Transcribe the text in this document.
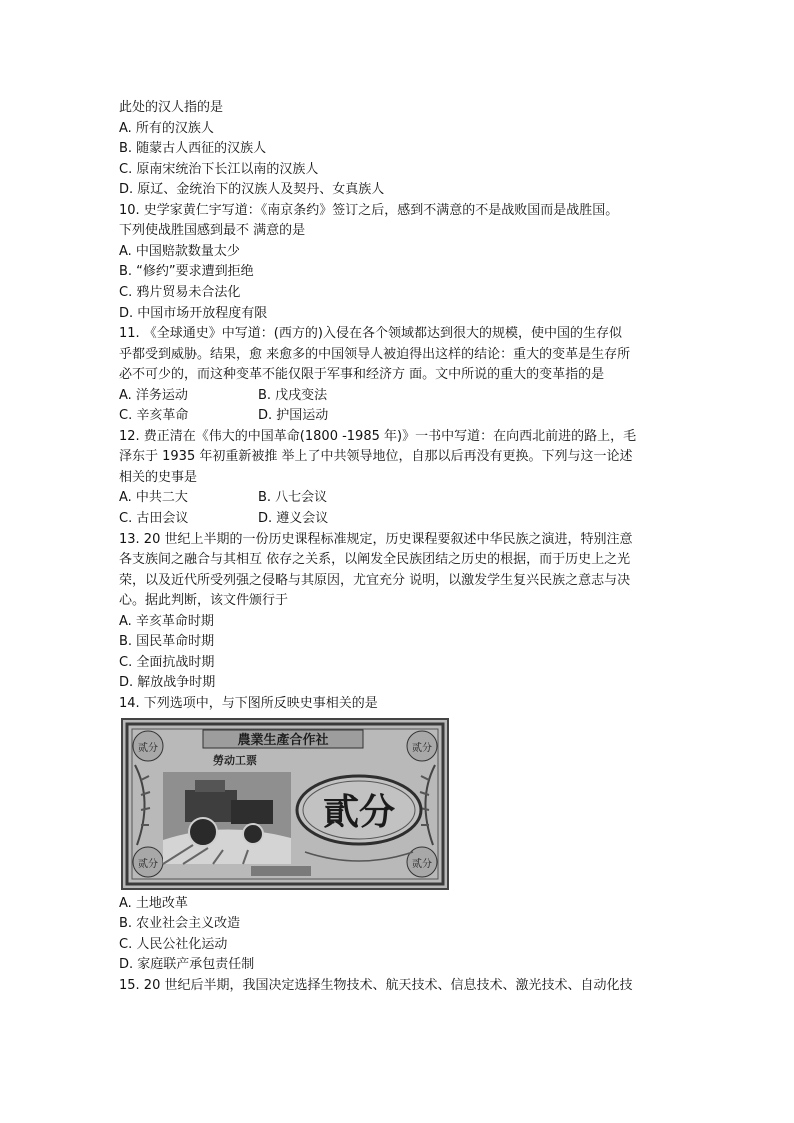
此处的汉人指的是
A. 所有的汉族人
B. 随蒙古人西征的汉族人
C. 原南宋统治下长江以南的汉族人
D. 原辽、金统治下的汉族人及契丹、女真族人
10. 史学家黄仁宇写道：《南京条约》签订之后，感到不满意的不是战败国而是战胜国。
下列使战胜国感到最不 满意的是
A. 中国赔款数量太少
B. “修约”要求遭到拒绝
C. 鸦片贸易未合法化
D. 中国市场开放程度有限
11. 《全球通史》中写道：(西方的)入侵在各个领域都达到很大的规模，使中国的生存似
乎都受到威胁。结果，愈 来愈多的中国领导人被迫得出这样的结论：重大的变革是生存所
必不可少的，而这种变革不能仅限于军事和经济方 面。文中所说的重大的变革指的是
A. 洋务运动	B. 戊戌变法
C. 辛亥革命	D. 护国运动
12. 费正清在《伟大的中国革命(1800 -1985 年)》一书中写道：在向西北前进的路上，毛
泽东于 1935 年初重新被推 举上了中共领导地位，自那以后再没有更换。下列与这一论述
相关的史事是
A. 中共二大	B. 八七会议
C. 古田会议	D. 遵义会议
13. 20 世纪上半期的一份历史课程标准规定，历史课程要叙述中华民族之演进，特别注意
各支族间之融合与其相互 依存之关系，以阐发全民族团结之历史的根据，而于历史上之光
荣，以及近代所受列强之侵略与其原因，尤宜充分 说明，以激发学生复兴民族之意志与决
心。据此判断，该文件颁行于
A. 辛亥革命时期
B. 国民革命时期
C. 全面抗战时期
D. 解放战争时期
14. 下列选项中，与下图所反映史事相关的是
農業生產合作社
勞动工票
贰分	贰分
贰分	贰分
貳分
A. 土地改革
B. 农业社会主义改造
C. 人民公社化运动
D. 家庭联产承包责任制
15. 20 世纪后半期，我国决定选择生物技术、航天技术、信息技术、激光技术、自动化技
